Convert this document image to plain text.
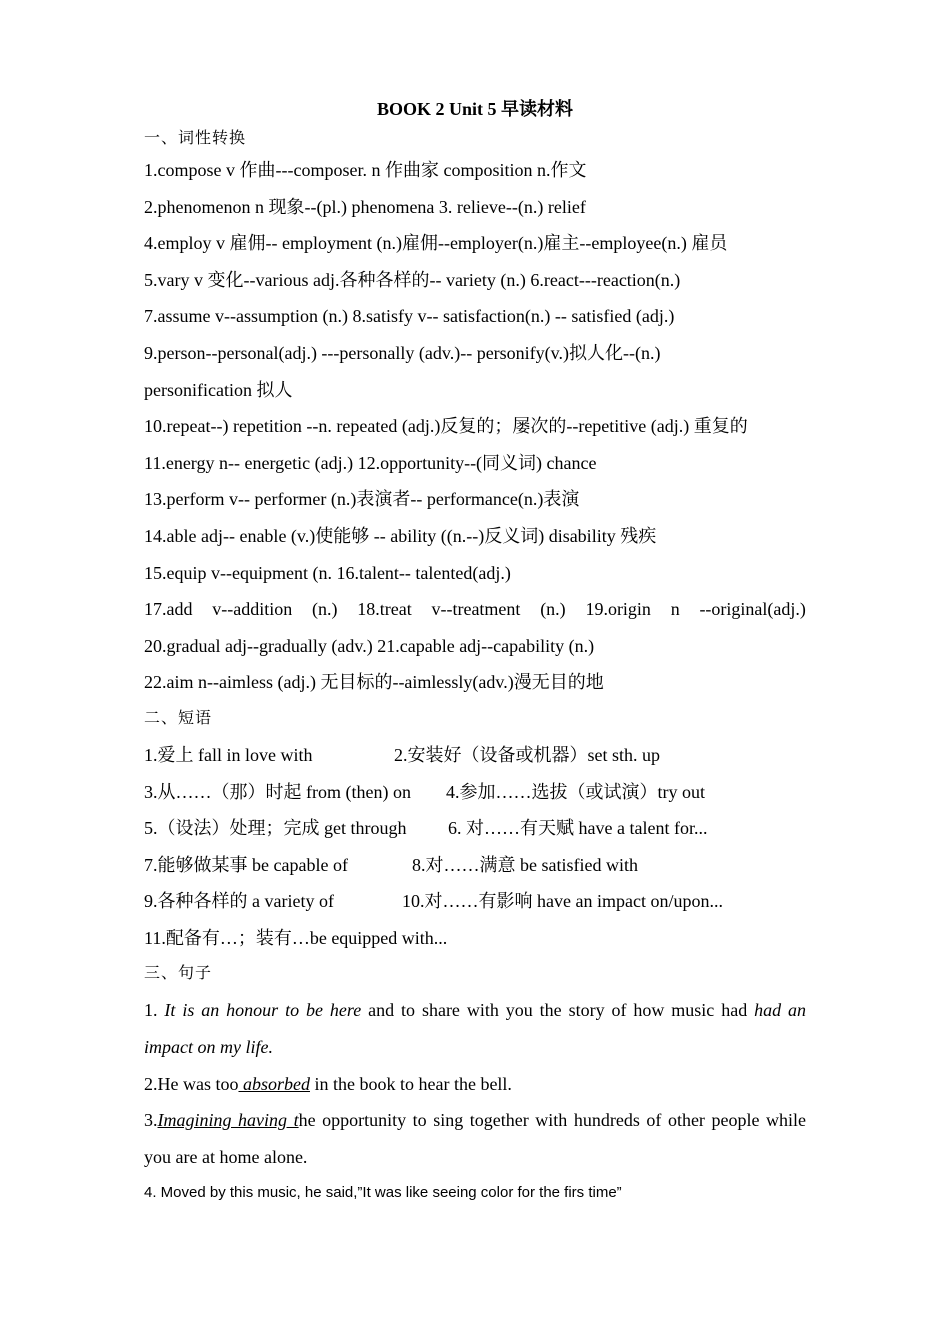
BOOK 2 Unit 5 早读材料
一、词性转换
1.compose v 作曲---composer. n 作曲家 composition n.作文
2.phenomenon n 现象--(pl.) phenomena 3. relieve--(n.) relief
4.employ v 雇佣-- employment (n.)雇佣--employer(n.)雇主--employee(n.) 雇员
5.vary v 变化--various adj.各种各样的-- variety (n.) 6.react---reaction(n.)
7.assume v--assumption (n.) 8.satisfy v-- satisfaction(n.) -- satisfied (adj.)
9.person--personal(adj.) ---personally (adv.)-- personify(v.)拟人化--(n.)
personification 拟人
10.repeat--) repetition --n. repeated (adj.)反复的；屡次的--repetitive (adj.) 重复的
11.energy n-- energetic (adj.) 12.opportunity--(同义词) chance
13.perform v-- performer (n.)表演者-- performance(n.)表演
14.able adj-- enable (v.)使能够 -- ability ((n.--)反义词) disability 残疾
15.equip v--equipment (n. 16.talent-- talented(adj.)
17.add v--addition (n.) 18.treat v--treatment (n.) 19.origin n --original(adj.)
20.gradual adj--gradually (adv.) 21.capable adj--capability (n.)
22.aim n--aimless (adj.) 无目标的--aimlessly(adv.)漫无目的地
二、短语
1.爱上 fall in love with	2.安装好（设备或机器）set sth. up
3.从……（那）时起 from (then) on 4.参加……选拔（或试演）try out
5.（设法）处理；完成 get through 6. 对……有天赋 have a talent for...
7.能够做某事 be capable of	8.对……满意 be satisfied with
9.各种各样的 a variety of	10.对……有影响 have an impact on/upon...
11.配备有…；装有…be equipped with...
三、句子
1. It is an honour to be here and to share with you the story of how music had had an impact on my life.
2.He was too absorbed in the book to hear the bell.
3.Imagining having the opportunity to sing together with hundreds of other people while you are at home alone.
4. Moved by this music, he said,”It was like seeing color for the firs time”
